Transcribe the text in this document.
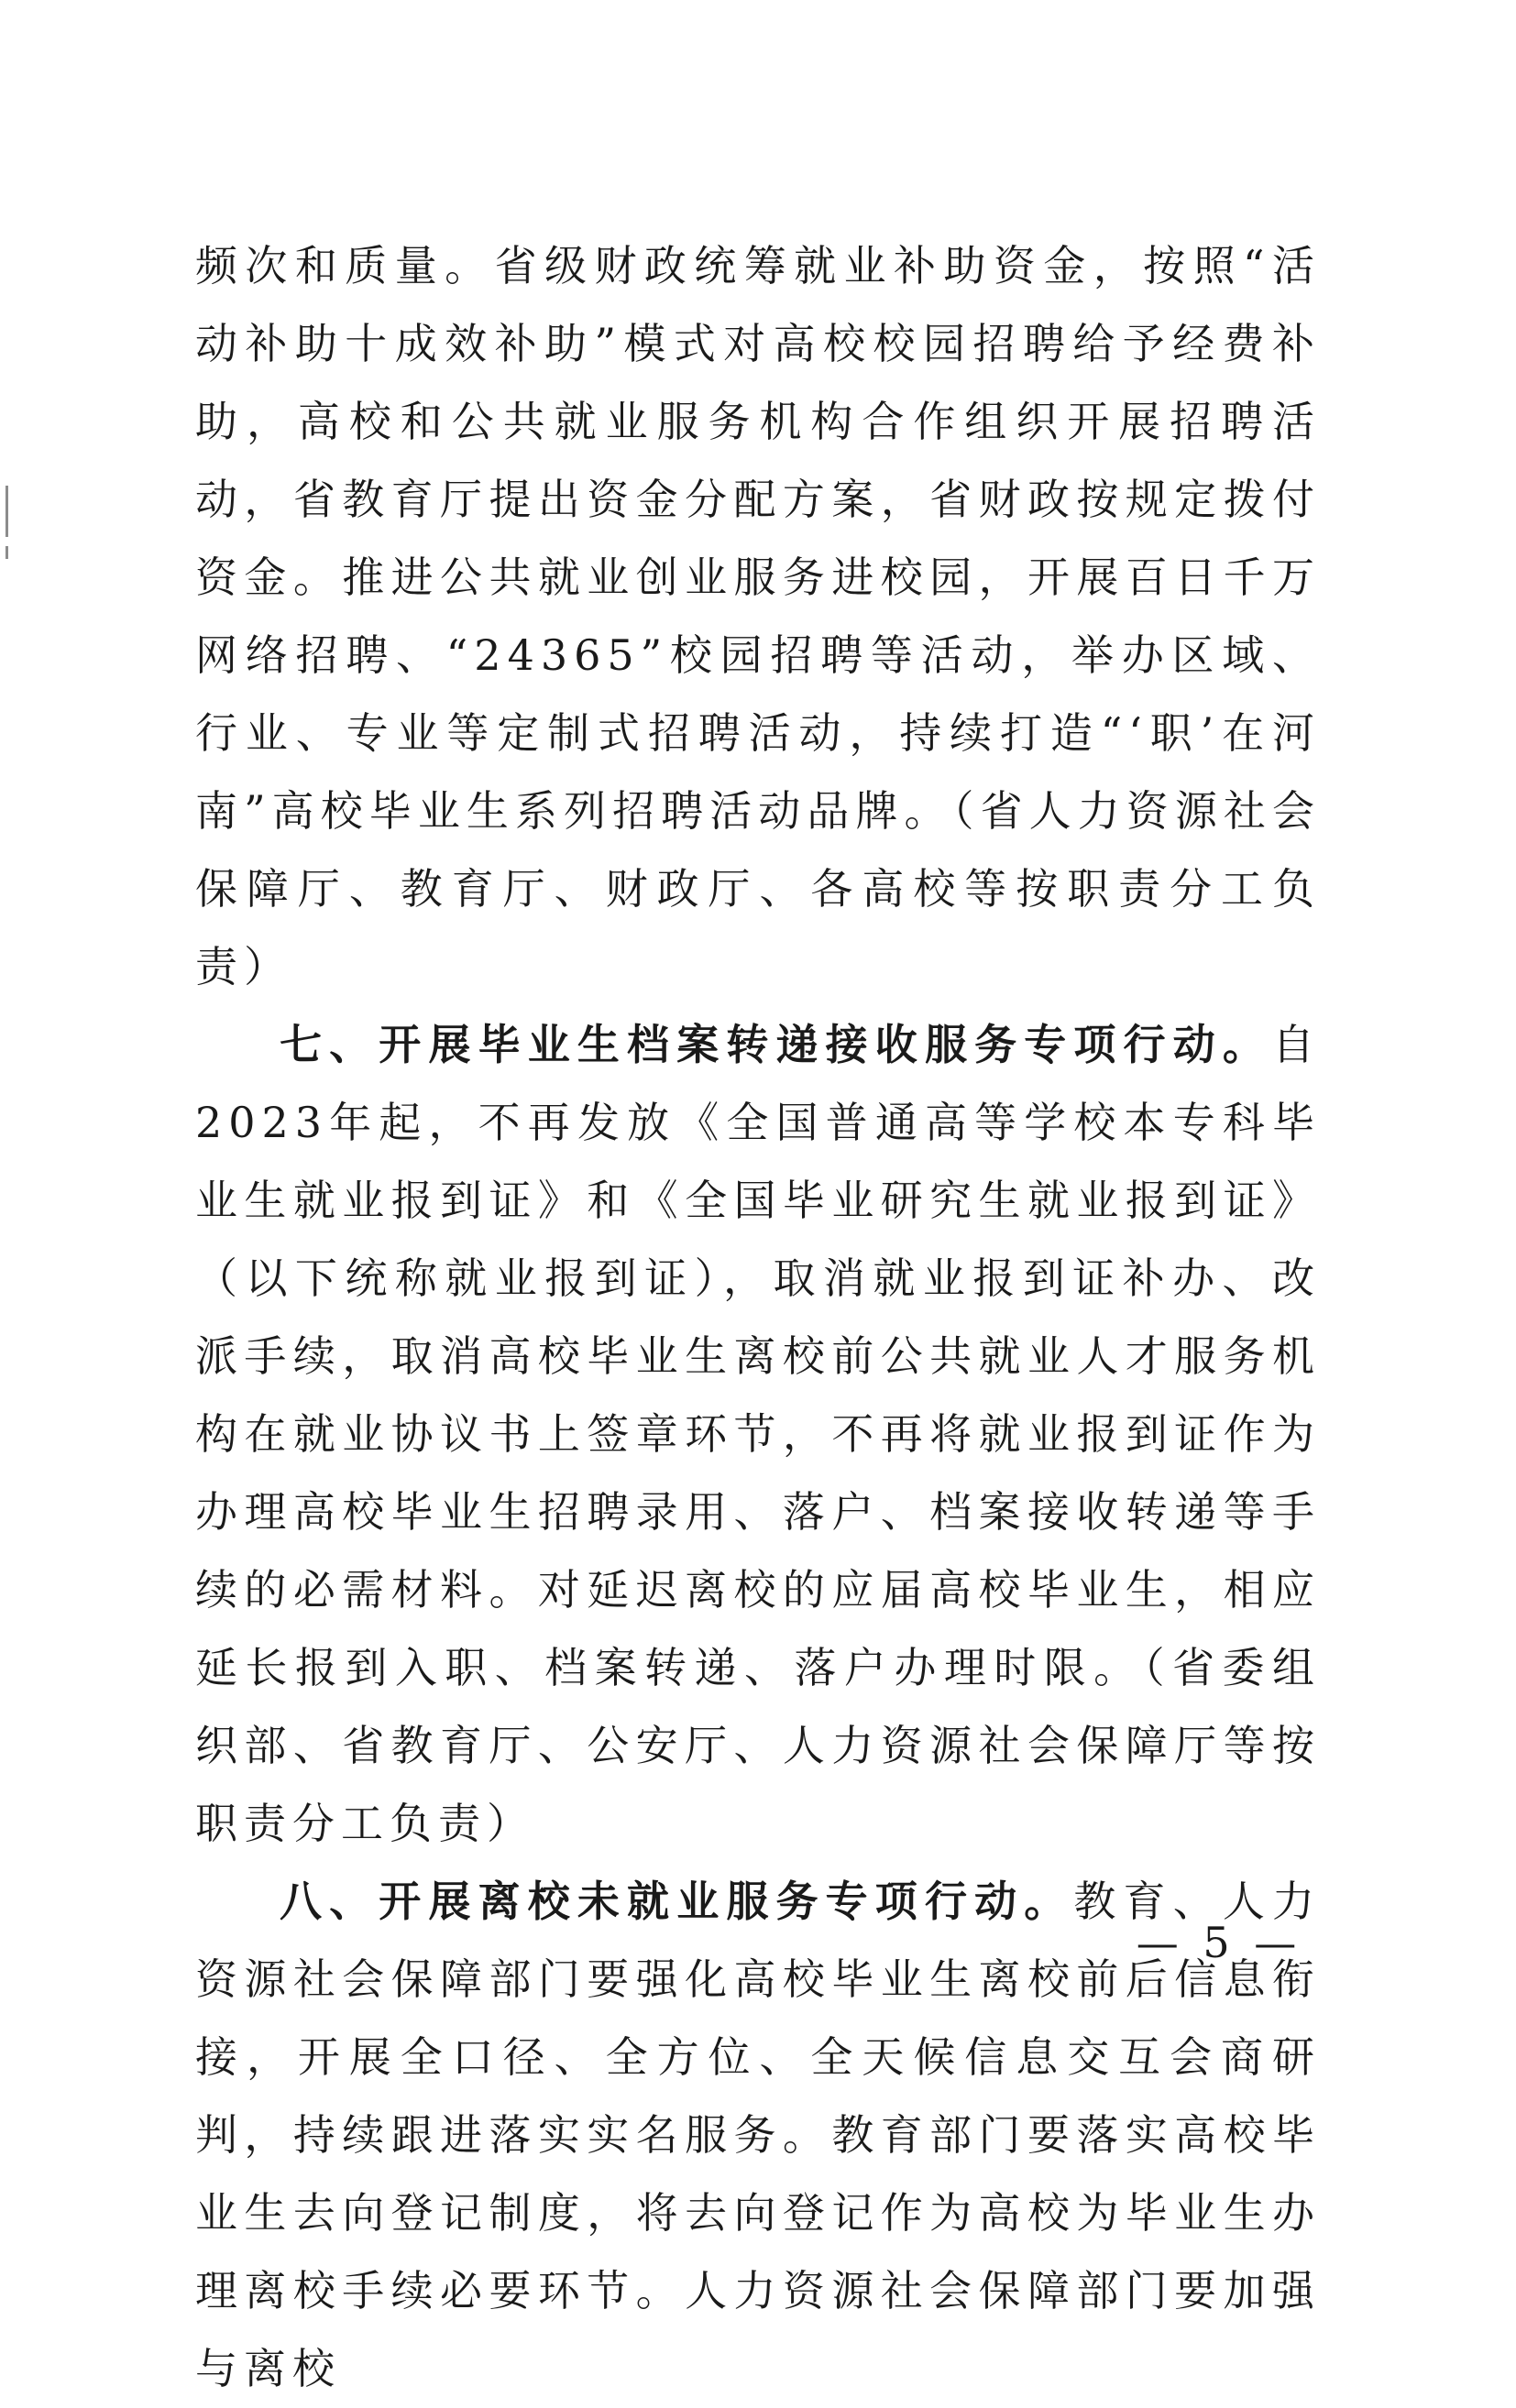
频次和质量。省级财政统筹就业补助资金，按照“活动补助十成效补助”模式对高校校园招聘给予经费补助，高校和公共就业服务机构合作组织开展招聘活动，省教育厅提出资金分配方案，省财政按规定拨付资金。推进公共就业创业服务进校园，开展百日千万网络招聘、“24365”校园招聘等活动，举办区域、行业、专业等定制式招聘活动，持续打造“‘职’在河南”高校毕业生系列招聘活动品牌。（省人力资源社会保障厅、教育厅、财政厅、各高校等按职责分工负责）

七、开展毕业生档案转递接收服务专项行动。自2023年起，不再发放《全国普通高等学校本专科毕业生就业报到证》和《全国毕业研究生就业报到证》（以下统称就业报到证），取消就业报到证补办、改派手续，取消高校毕业生离校前公共就业人才服务机构在就业协议书上签章环节，不再将就业报到证作为办理高校毕业生招聘录用、落户、档案接收转递等手续的必需材料。对延迟离校的应届高校毕业生，相应延长报到入职、档案转递、落户办理时限。（省委组织部、省教育厅、公安厅、人力资源社会保障厅等按职责分工负责）

八、开展离校未就业服务专项行动。教育、人力资源社会保障部门要强化高校毕业生离校前后信息衔接，开展全口径、全方位、全天候信息交互会商研判，持续跟进落实实名服务。教育部门要落实高校毕业生去向登记制度，将去向登记作为高校为毕业生办理离校手续必要环节。人力资源社会保障部门要加强与离校

— 5 —
